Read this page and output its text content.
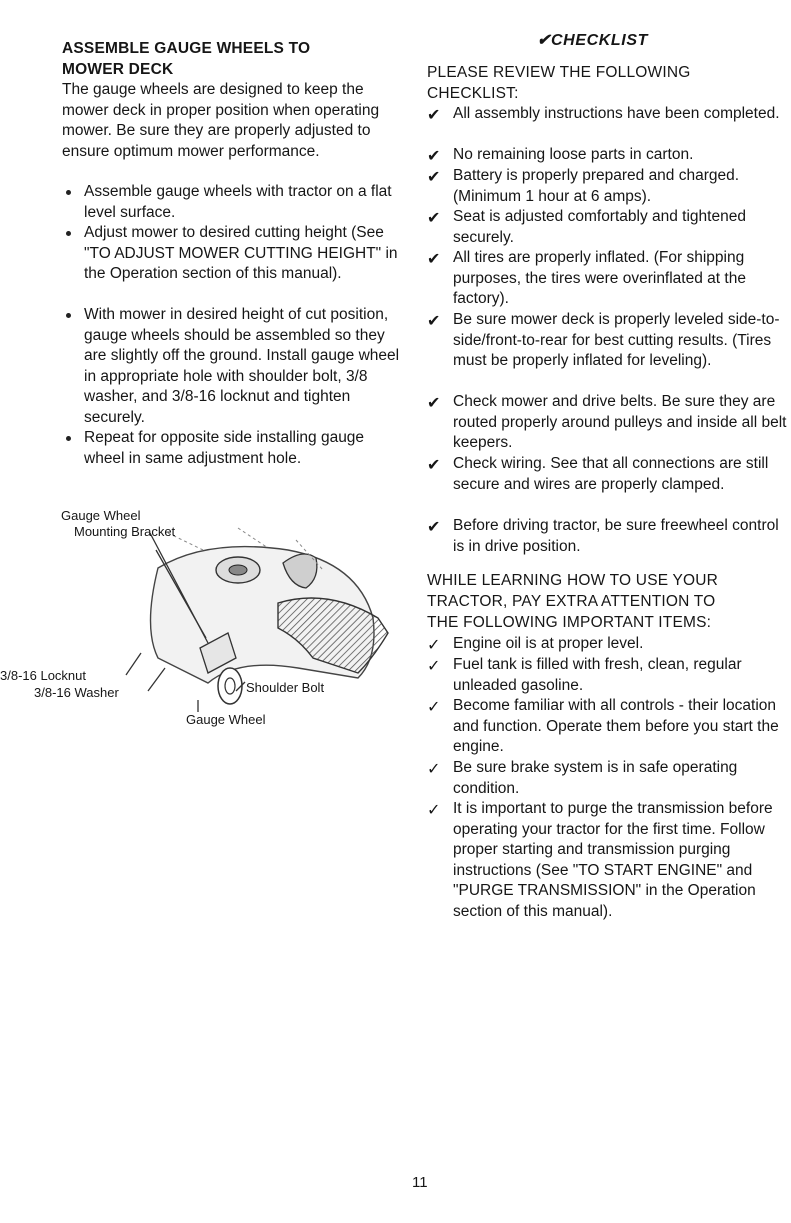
ASSEMBLE GAUGE WHEELS TO
MOWER DECK

The gauge wheels are designed to keep the mower deck in proper position when operating mower. Be sure they are properly adjusted to ensure optimum mower performance.

Assemble gauge wheels with tractor on a flat level surface.
Adjust mower to desired cutting height (See "TO ADJUST MOWER CUTTING HEIGHT" in the Operation section of this manual).
With mower in desired height of cut position, gauge wheels should be assembled so they are slightly off the ground. Install gauge wheel in appropriate hole with shoulder bolt, 3/8 washer, and 3/8-16 locknut and tighten securely.
Repeat for opposite side installing gauge wheel in same adjustment hole.
Gauge Wheel
Mounting Bracket
3/8-16 Locknut
3/8-16 Washer	Shoulder Bolt
Gauge Wheel
✔CHECKLIST
PLEASE REVIEW THE FOLLOWING
CHECKLIST:
✔ All assembly instructions have been completed.
✔ No remaining loose parts in carton.
✔ Battery is properly prepared and charged. (Minimum 1 hour at 6 amps).
✔ Seat is adjusted comfortably and tightened securely.
✔ All tires are properly inflated. (For shipping purposes, the tires were overinflated at the factory).
✔ Be sure mower deck is properly leveled side-to-side/front-to-rear for best cutting results. (Tires must be properly inflated for leveling).
✔ Check mower and drive belts. Be sure they are routed properly around pulleys and inside all belt keepers.
✔ Check wiring. See that all connections are still secure and wires are properly clamped.
✔ Before driving tractor, be sure freewheel control is in drive position.
WHILE LEARNING HOW TO USE YOUR
TRACTOR, PAY EXTRA ATTENTION TO
THE FOLLOWING IMPORTANT ITEMS:
✓ Engine oil is at proper level.
✓ Fuel tank is filled with fresh, clean, regular unleaded gasoline.
✓ Become familiar with all controls - their location and function. Operate them before you start the engine.
✓ Be sure brake system is in safe operating condition.
✓ It is important to purge the transmission before operating your tractor for the first time. Follow proper starting and transmission purging instructions (See "TO START ENGINE" and "PURGE TRANSMISSION" in the Operation section of this manual).
11
